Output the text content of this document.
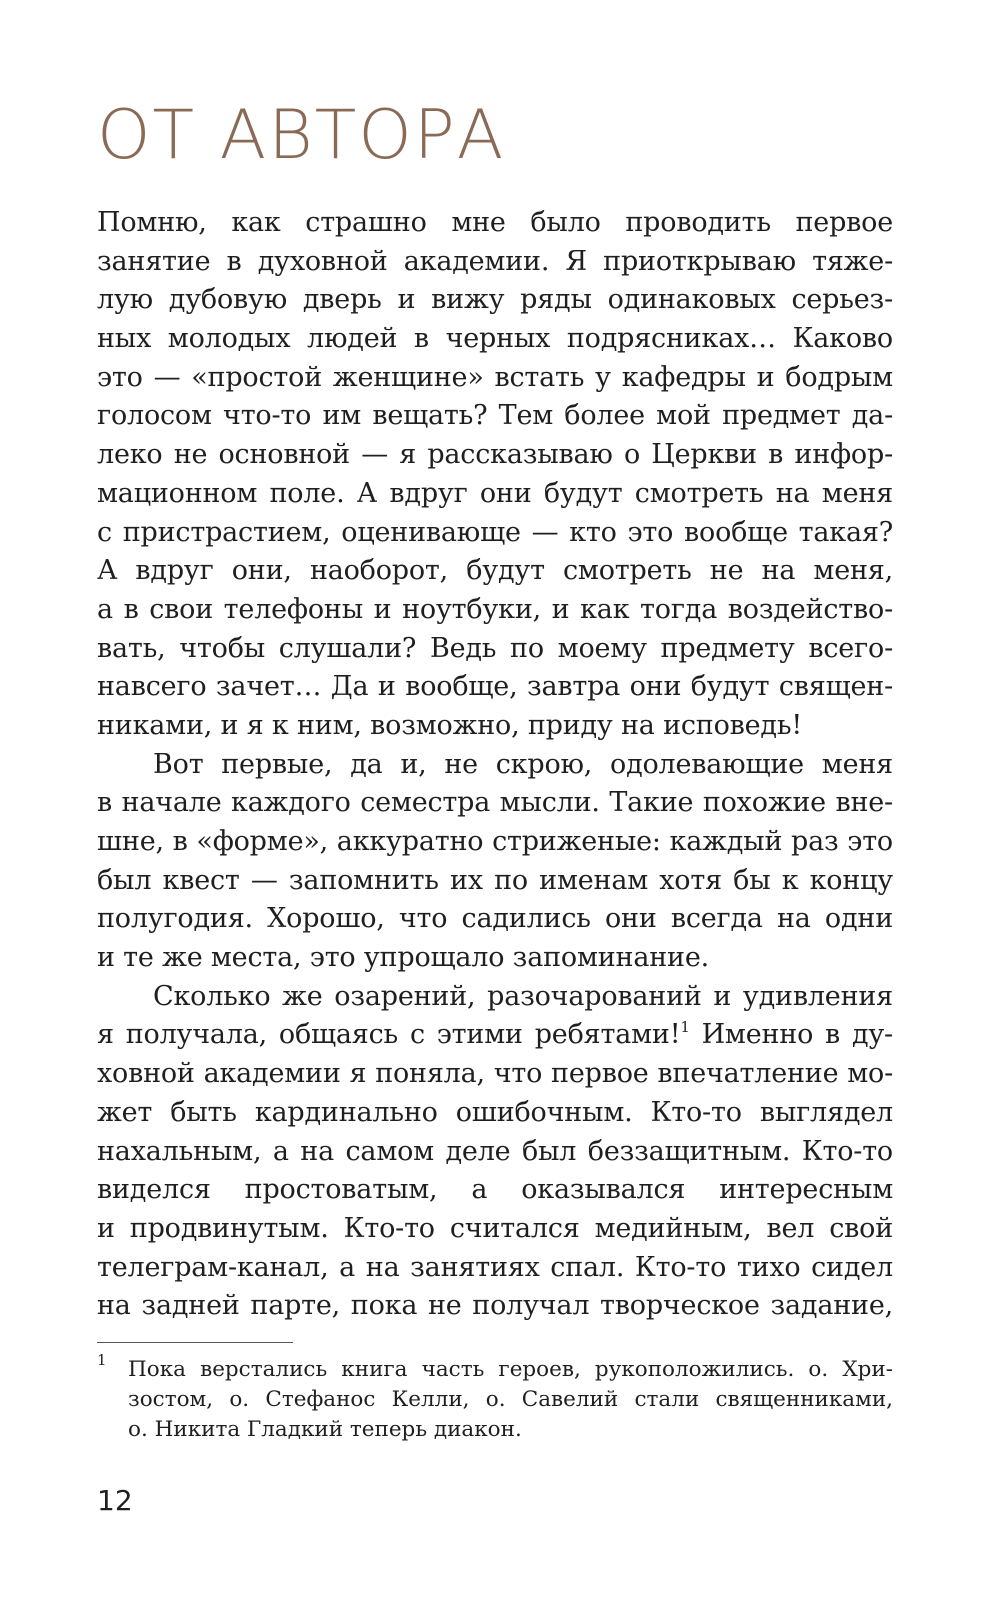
ОТ АВТОРА
Помню, как страшно мне было проводить первое
занятие в духовной академии. Я приоткрываю тяже-
лую дубовую дверь и вижу ряды одинаковых серьез-
ных молодых людей в черных подрясниках… Каково
это — «простой женщине» встать у кафедры и бодрым
голосом что-то им вещать? Тем более мой предмет да-
леко не основной — я рассказываю о Церкви в инфор-
мационном поле. А вдруг они будут смотреть на меня
с пристрастием, оценивающе — кто это вообще такая?
А вдруг они, наоборот, будут смотреть не на меня,
а в свои телефоны и ноутбуки, и как тогда воздейство-
вать, чтобы слушали? Ведь по моему предмету всего-
навсего зачет… Да и вообще, завтра они будут священ-
никами, и я к ним, возможно, приду на исповедь!
Вот первые, да и, не скрою, одолевающие меня
в начале каждого семестра мысли. Такие похожие вне-
шне, в «форме», аккуратно стриженые: каждый раз это
был квест — запомнить их по именам хотя бы к концу
полугодия. Хорошо, что садились они всегда на одни
и те же места, это упрощало запоминание.
Сколько же озарений, разочарований и удивления
я получала, общаясь с этими ребятами!$^1$ Именно в ду-
ховной академии я поняла, что первое впечатление мо-
жет быть кардинально ошибочным. Кто-то выглядел
нахальным, а на самом деле был беззащитным. Кто-то
виделся простоватым, а оказывался интересным
и продвинутым. Кто-то считался медийным, вел свой
телеграм-канал, а на занятиях спал. Кто-то тихо сидел
на задней парте, пока не получал творческое задание,
1 Пока верстались книга часть героев, рукоположились. о. Хри-
зостом, о. Стефанос Келли, о. Савелий стали священниками,
о. Никита Гладкий теперь диакон.
12
